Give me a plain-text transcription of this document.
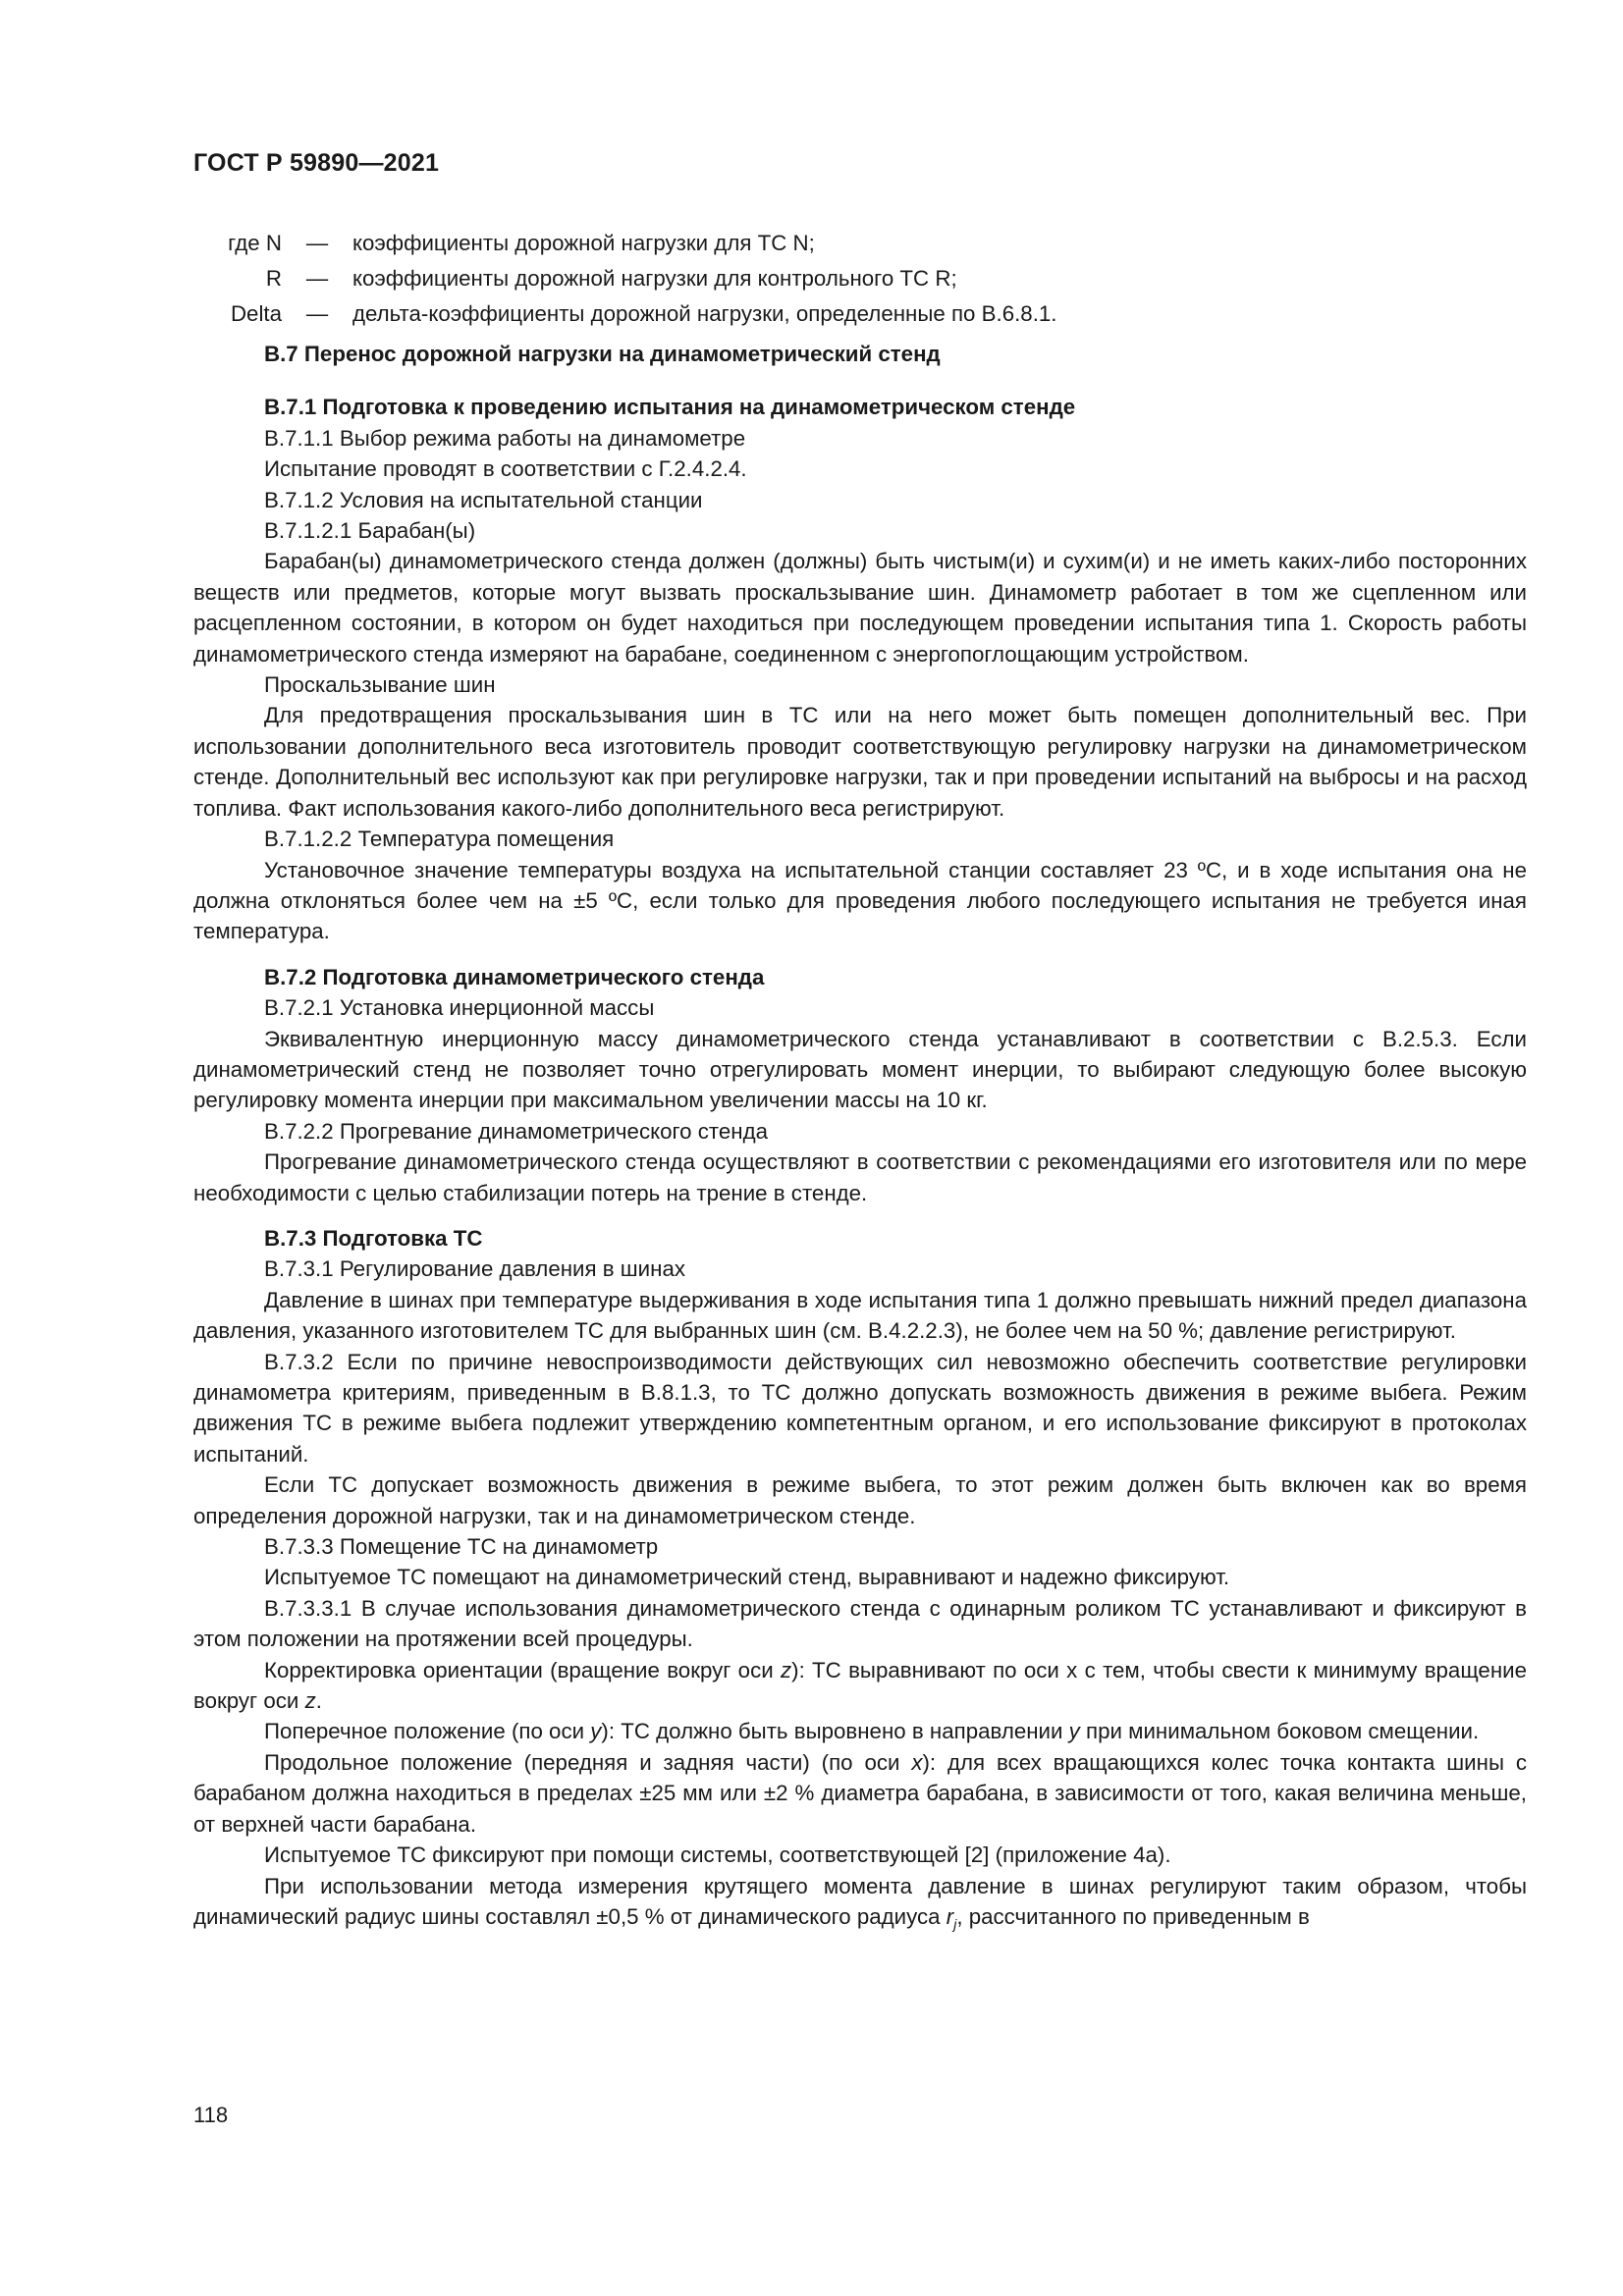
ГОСТ Р 59890—2021
где N	—	коэффициенты дорожной нагрузки для ТС N;
R	—	коэффициенты дорожной нагрузки для контрольного ТС R;
Delta	—	дельта-коэффициенты дорожной нагрузки, определенные по В.6.8.1.
В.7 Перенос дорожной нагрузки на динамометрический стенд
В.7.1 Подготовка к проведению испытания на динамометрическом стенде

В.7.1.1 Выбор режима работы на динамометре

Испытание проводят в соответствии с Г.2.4.2.4.

В.7.1.2 Условия на испытательной станции

В.7.1.2.1 Барабан(ы)

Барабан(ы) динамометрического стенда должен (должны) быть чистым(и) и сухим(и) и не иметь каких-либо посторонних веществ или предметов, которые могут вызвать проскальзывание шин. Динамометр работает в том же сцепленном или расцепленном состоянии, в котором он будет находиться при последующем проведении испытания типа 1. Скорость работы динамометрического стенда измеряют на барабане, соединенном с энергопоглощающим устройством.

Проскальзывание шин

Для предотвращения проскальзывания шин в ТС или на него может быть помещен дополнительный вес. При использовании дополнительного веса изготовитель проводит соответствующую регулировку нагрузки на динамометрическом стенде. Дополнительный вес используют как при регулировке нагрузки, так и при проведении испытаний на выбросы и на расход топлива. Факт использования какого-либо дополнительного веса регистрируют.

В.7.1.2.2 Температура помещения

Установочное значение температуры воздуха на испытательной станции составляет 23 ºС, и в ходе испытания она не должна отклоняться более чем на ±5 ºС, если только для проведения любого последующего испытания не требуется иная температура.

В.7.2 Подготовка динамометрического стенда

В.7.2.1 Установка инерционной массы

Эквивалентную инерционную массу динамометрического стенда устанавливают в соответствии с В.2.5.3. Если динамометрический стенд не позволяет точно отрегулировать момент инерции, то выбирают следующую более высокую регулировку момента инерции при максимальном увеличении массы на 10 кг.

В.7.2.2 Прогревание динамометрического стенда

Прогревание динамометрического стенда осуществляют в соответствии с рекомендациями его изготовителя или по мере необходимости с целью стабилизации потерь на трение в стенде.

В.7.3 Подготовка ТС

В.7.3.1 Регулирование давления в шинах

Давление в шинах при температуре выдерживания в ходе испытания типа 1 должно превышать нижний предел диапазона давления, указанного изготовителем ТС для выбранных шин (см. В.4.2.2.3), не более чем на 50 %; давление регистрируют.

В.7.3.2 Если по причине невоспроизводимости действующих сил невозможно обеспечить соответствие регулировки динамометра критериям, приведенным в В.8.1.3, то ТС должно допускать возможность движения в режиме выбега. Режим движения ТС в режиме выбега подлежит утверждению компетентным органом, и его использование фиксируют в протоколах испытаний.

Если ТС допускает возможность движения в режиме выбега, то этот режим должен быть включен как во время определения дорожной нагрузки, так и на динамометрическом стенде.

В.7.3.3 Помещение ТС на динамометр

Испытуемое ТС помещают на динамометрический стенд, выравнивают и надежно фиксируют.

В.7.3.3.1 В случае использования динамометрического стенда с одинарным роликом ТС устанавливают и фиксируют в этом положении на протяжении всей процедуры.

Корректировка ориентации (вращение вокруг оси z): ТС выравнивают по оси x с тем, чтобы свести к минимуму вращение вокруг оси z.

Поперечное положение (по оси y): ТС должно быть выровнено в направлении y при минимальном боковом смещении.

Продольное положение (передняя и задняя части) (по оси x): для всех вращающихся колес точка контакта шины с барабаном должна находиться в пределах ±25 мм или ±2 % диаметра барабана, в зависимости от того, какая величина меньше, от верхней части барабана.

Испытуемое ТС фиксируют при помощи системы, соответствующей [2] (приложение 4а).

При использовании метода измерения крутящего момента давление в шинах регулируют таким образом, чтобы динамический радиус шины составлял ±0,5 % от динамического радиуса $r_j$, рассчитанного по приведенным в

118
